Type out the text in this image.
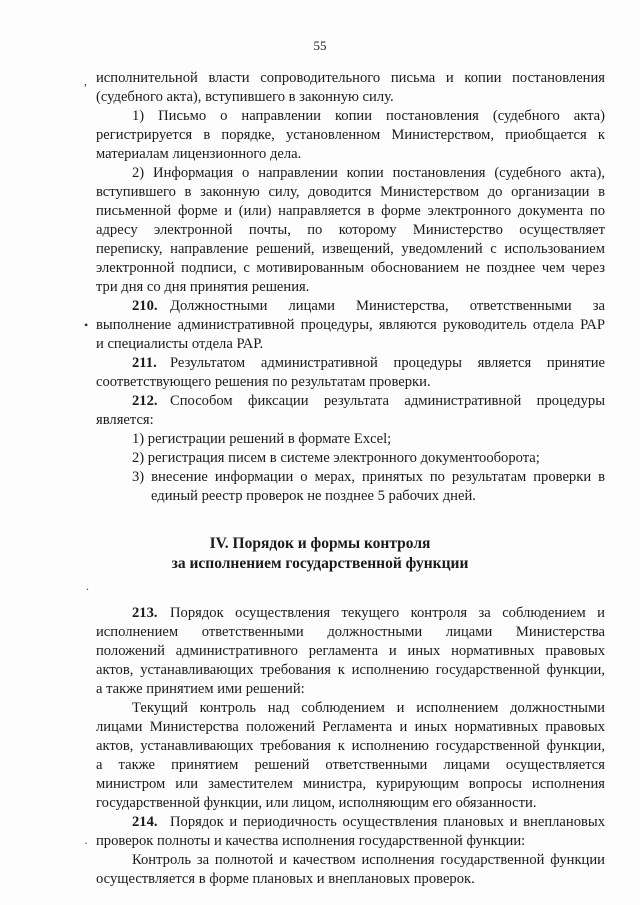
55
, исполнительной власти сопроводительного письма и копии постановления
(судебного акта), вступившего в законную силу.
1) Письмо о направлении копии постановления (судебного акта)
регистрируется в порядке, установленном Министерством, приобщается к
материалам лицензионного дела.
2) Информация о направлении копии постановления (судебного акта),
вступившего в законную силу, доводится Министерством до организации в
письменной форме и (или) направляется в форме электронного документа по
адресу электронной почты, по которому Министерство осуществляет
переписку, направление решений, извещений, уведомлений с использованием
электронной подписи, с мотивированным обоснованием не позднее чем через
три дня со дня принятия решения.
210. Должностными лицами Министерства, ответственными за
выполнение административной процедуры, являются руководитель отдела РАР
•
и специалисты отдела РАР.
211. Результатом административной процедуры является принятие
соответствующего решения по результатам проверки.
212. Способом фиксации результата административной процедуры
является:
1) регистрации решений в формате Excel;
2) регистрация писем в системе электронного документооборота;
3) внесение информации о мерах, принятых по результатам проверки в
единый реестр проверок не позднее 5 рабочих дней.
IV. Порядок и формы контроля
за исполнением государственной функции
.
213. Порядок осуществления текущего контроля за соблюдением и
исполнением ответственными должностными лицами Министерства
положений административного регламента и иных нормативных правовых
актов, устанавливающих требования к исполнению государственной функции,
а также принятием ими решений:
Текущий контроль над соблюдением и исполнением должностными
лицами Министерства положений Регламента и иных нормативных правовых
актов, устанавливающих требования к исполнению государственной функции,
а также принятием решений ответственными лицами осуществляется
министром или заместителем министра, курирующим вопросы исполнения
государственной функции, или лицом, исполняющим его обязанности.
214. Порядок и периодичность осуществления плановых и внеплановых
· проверок полноты и качества исполнения государственной функции:
Контроль за полнотой и качеством исполнения государственной функции
осуществляется в форме плановых и внеплановых проверок.
